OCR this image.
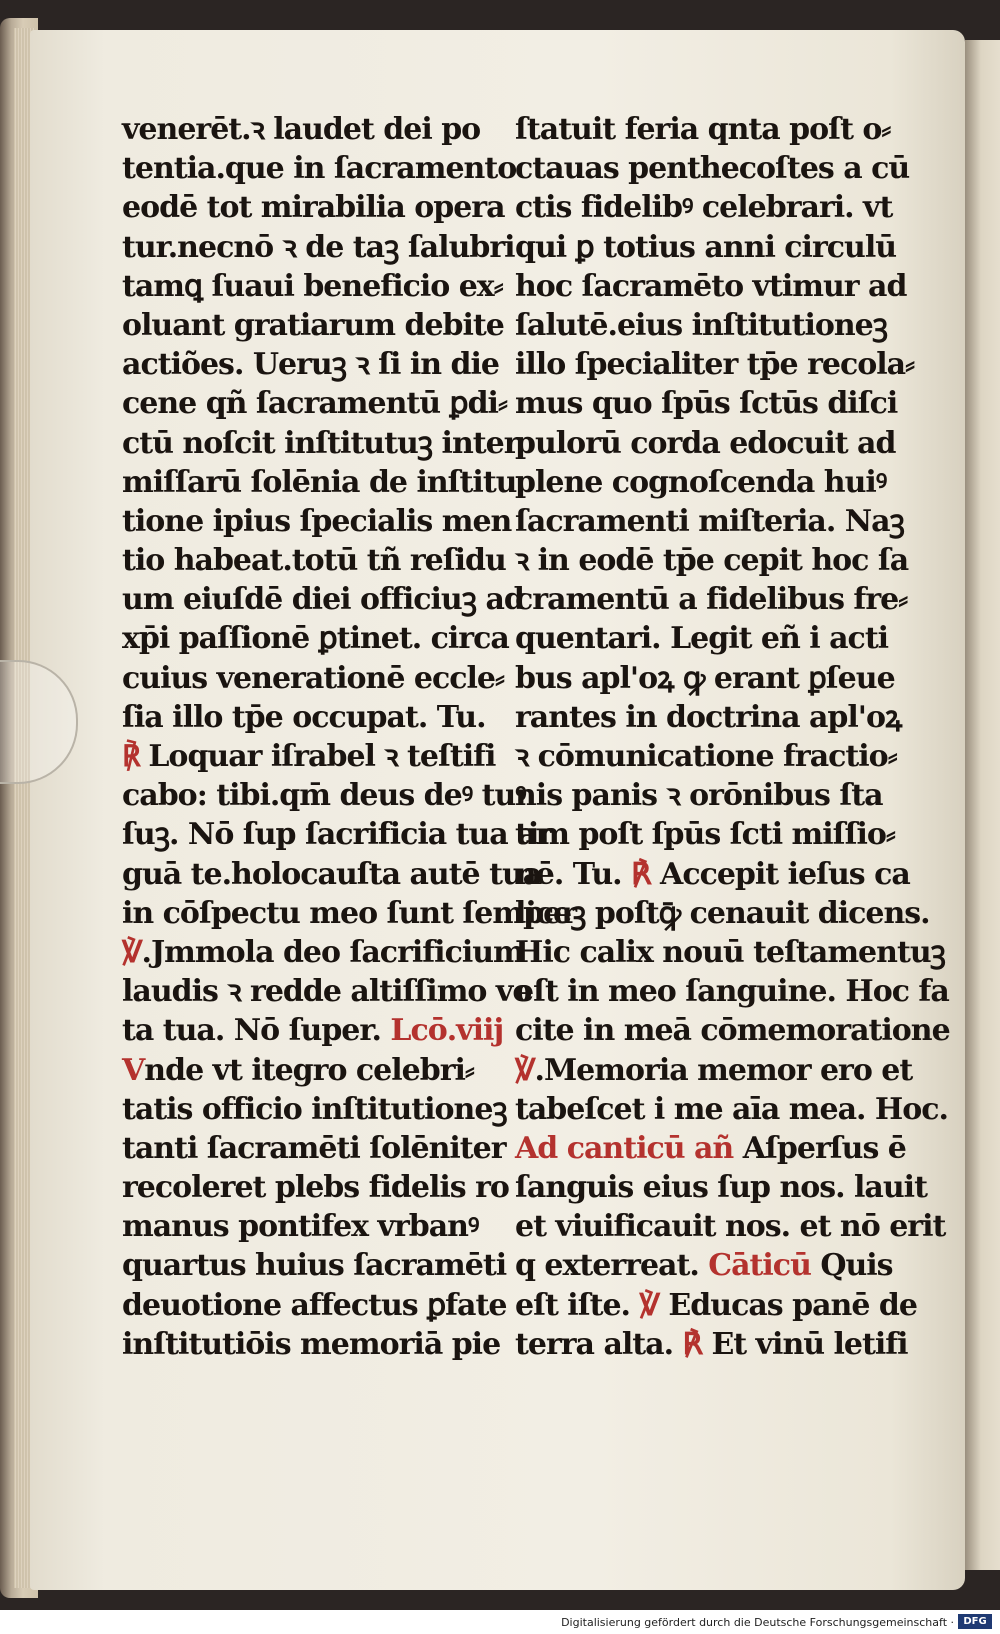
venerēt.ꝛ laudet dei po
tentia.que in ſacramento
eodē tot mirabilia opera
tur.necnō ꝛ de taꝫ ſalubri
tamꝗ ſuaui beneficio ex⸗
oluant gratiarum debite
actiões. Ueruꝫ ꝛ ſi in die
cene qñ ſacramentū ꝑdi⸗
ctū noſcit inſtitutuꝫ inter
miſſarū ſolēnia de inſtitu
tione ipius ſpecialis men
tio habeat.totū tñ reſidu
um eiuſdē diei officiuꝫ ad
xp̄i paſſionē ꝑtinet. circa
cuius venerationē eccle⸗
ſia illo tp̄e occupat. Tu.
℟ Loquar iſrabel ꝛ teſtifi
cabo: tibi.qm̄ deus deꝰ tuꝰ
ſuꝫ. Nō ſup ſacrificia tua ar
guā te.holocauſta autē tua
in cōſpectu meo ſunt ſemper
℣.Jmmola deo ſacrificium
laudis ꝛ redde altiſſimo vo
ta tua. Nō ſuper. Lcō.viij
Vnde vt itegro celebri⸗
tatis officio inſtitutioneꝫ
tanti ſacramēti ſolēniter
recoleret plebs fidelis ro
manus pontifex vrbanꝰ
quartus huius ſacramēti
deuotione affectus ꝑfate
inſtitutiōis memoriā pie
ſtatuit feria qnta poſt o⸗
ctauas penthecoſtes a cū
ctis fidelibꝰ celebrari. vt
qui ꝑ totius anni circulū
hoc ſacramēto vtimur ad
ſalutē.eius inſtitutioneꝫ
illo ſpecialiter tp̄e recola⸗
mus quo ſpūs ſctūs diſci
pulorū corda edocuit ad
plene cognoſcenda huiꝰ
ſacramenti miſteria. Naꝫ
ꝛ in eodē tp̄e cepit hoc ſa
cramentū a fidelibus fre⸗
quentari. Legit eñ i acti
bus apl'oꝝ ꝙ erant ꝑſeue
rantes in doctrina apl'oꝝ
ꝛ cōmunicatione fractio⸗
nis panis ꝛ orōnibus ſta
tim poſt ſpūs ſcti miſſio⸗
nē. Tu. ℟ Accepit ieſus ca
liceꝫ poſtꝙ̄ cenauit dicens.
Hic calix nouū teſtamentuꝫ
eſt in meo ſanguine. Hoc fa
cite in meā cōmemoratione
℣.Memoria memor ero et
tabeſcet i me aīa mea. Hoc.
Ad canticū añ Aſperſus ē
ſanguis eius ſup nos. lauit
et viuificauit nos. et nō erit
q exterreat. Cāticū Quis
eſt iſte. ℣ Educas panē de
terra alta. ℟ Et vinū letifi
Digitalisierung gefördert durch die Deutsche Forschungsgemeinschaft · DFG
